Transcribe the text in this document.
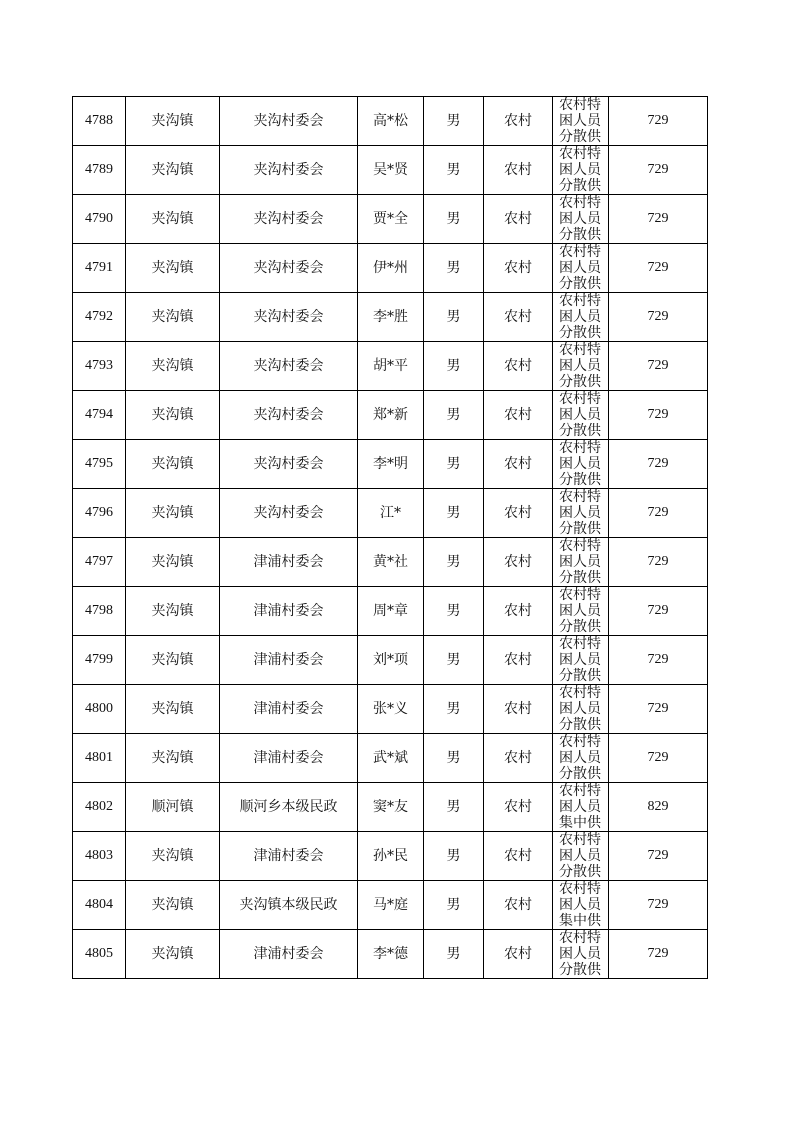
4788	夹沟镇	夹沟村委会	高*松	男	农村	农村特困人员分散供	729
4789	夹沟镇	夹沟村委会	吴*贤	男	农村	农村特困人员分散供	729
4790	夹沟镇	夹沟村委会	贾*全	男	农村	农村特困人员分散供	729
4791	夹沟镇	夹沟村委会	伊*州	男	农村	农村特困人员分散供	729
4792	夹沟镇	夹沟村委会	李*胜	男	农村	农村特困人员分散供	729
4793	夹沟镇	夹沟村委会	胡*平	男	农村	农村特困人员分散供	729
4794	夹沟镇	夹沟村委会	郑*新	男	农村	农村特困人员分散供	729
4795	夹沟镇	夹沟村委会	李*明	男	农村	农村特困人员分散供	729
4796	夹沟镇	夹沟村委会	江*	男	农村	农村特困人员分散供	729
4797	夹沟镇	津浦村委会	黄*社	男	农村	农村特困人员分散供	729
4798	夹沟镇	津浦村委会	周*章	男	农村	农村特困人员分散供	729
4799	夹沟镇	津浦村委会	刘*项	男	农村	农村特困人员分散供	729
4800	夹沟镇	津浦村委会	张*义	男	农村	农村特困人员分散供	729
4801	夹沟镇	津浦村委会	武*斌	男	农村	农村特困人员分散供	729
4802	顺河镇	顺河乡本级民政	窦*友	男	农村	农村特困人员集中供	829
4803	夹沟镇	津浦村委会	孙*民	男	农村	农村特困人员分散供	729
4804	夹沟镇	夹沟镇本级民政	马*庭	男	农村	农村特困人员集中供	729
4805	夹沟镇	津浦村委会	李*德	男	农村	农村特困人员分散供	729
